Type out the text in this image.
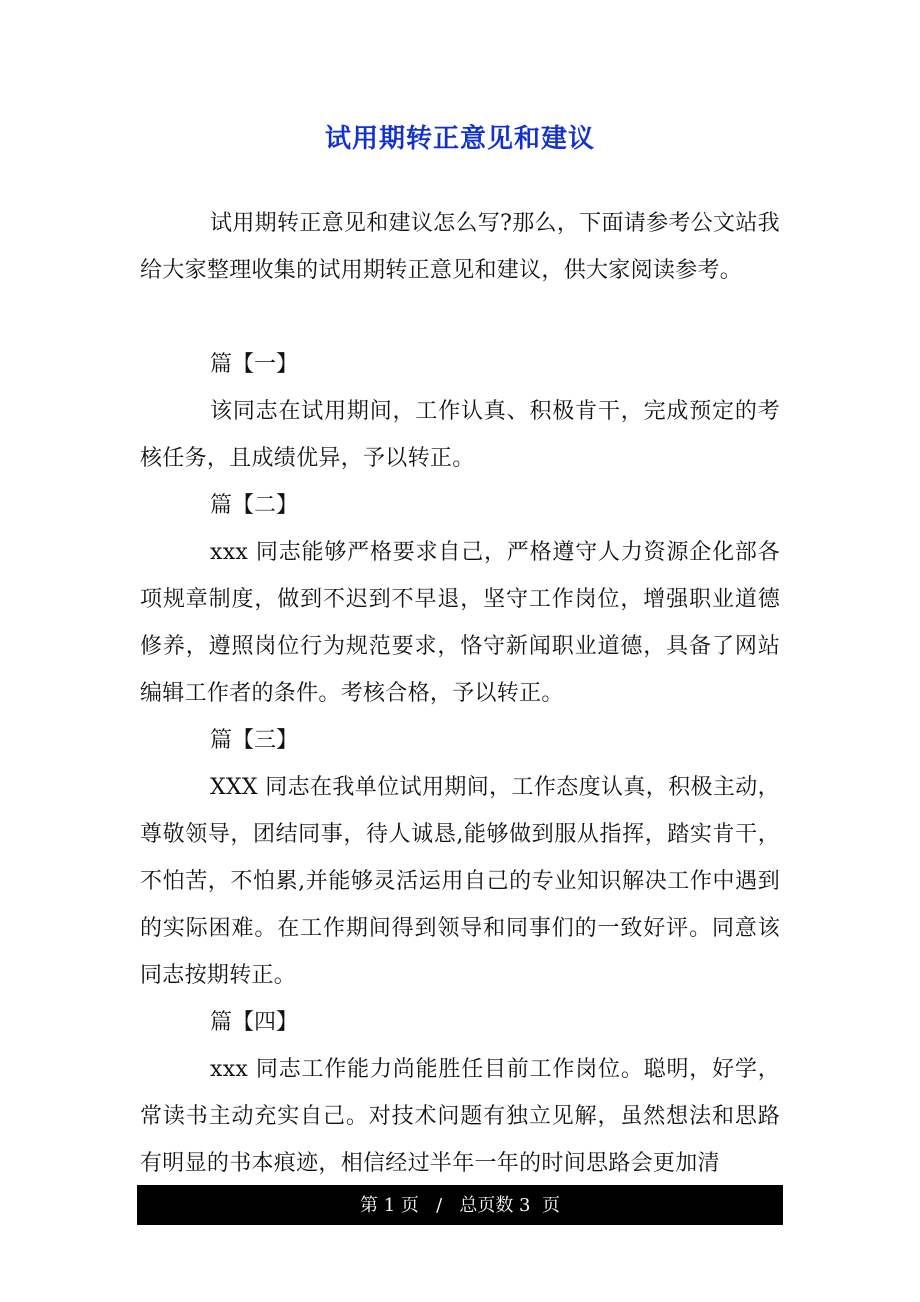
试用期转正意见和建议

试用期转正意见和建议怎么写?那么，下面请参考公文站我给大家整理收集的试用期转正意见和建议，供大家阅读参考。

篇【一】

该同志在试用期间，工作认真、积极肯干，完成预定的考核任务，且成绩优异，予以转正。

篇【二】

xxx 同志能够严格要求自己，严格遵守人力资源企化部各项规章制度，做到不迟到不早退，坚守工作岗位，增强职业道德修养，遵照岗位行为规范要求，恪守新闻职业道德，具备了网站编辑工作者的条件。考核合格，予以转正。

篇【三】

XXX 同志在我单位试用期间，工作态度认真，积极主动，尊敬领导，团结同事，待人诚恳,能够做到服从指挥，踏实肯干，不怕苦，不怕累,并能够灵活运用自己的专业知识解决工作中遇到的实际困难。在工作期间得到领导和同事们的一致好评。同意该同志按期转正。

篇【四】

xxx 同志工作能力尚能胜任目前工作岗位。聪明，好学，常读书主动充实自己。对技术问题有独立见解，虽然想法和思路有明显的书本痕迹，相信经过半年一年的时间思路会更加清

第 1 页   /   总页数 3  页
